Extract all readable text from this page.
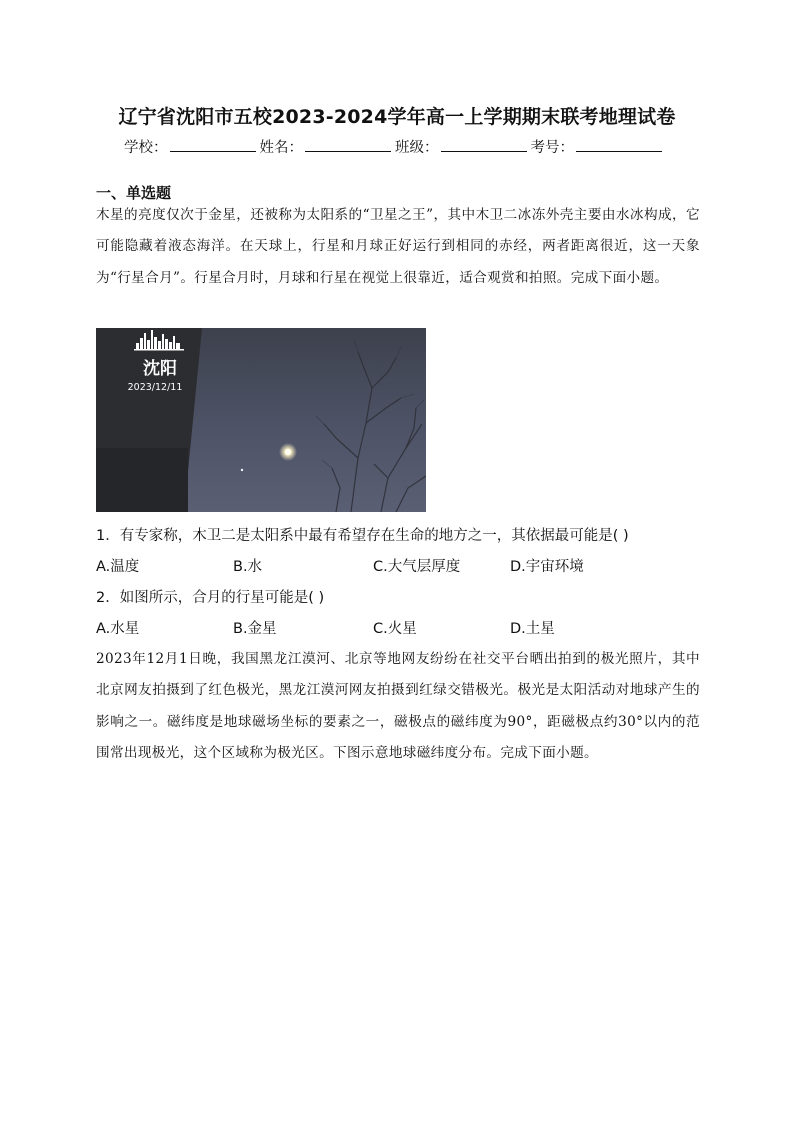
辽宁省沈阳市五校2023-2024学年高一上学期期末联考地理试卷
学校：	姓名：	班级：	考号：
一、单选题
木星的亮度仅次于金星，还被称为太阳系的“卫星之王”，其中木卫二冰冻外壳主要由水冰构成，它可能隐藏着液态海洋。在天球上，行星和月球正好运行到相同的赤经，两者距离很近，这一天象为“行星合月”。行星合月时，月球和行星在视觉上很靠近，适合观赏和拍照。完成下面小题。
沈阳
2023/12/11
1．有专家称，木卫二是太阳系中最有希望存在生命的地方之一，其依据最可能是( )
A.温度	B.水	C.大气层厚度	D.宇宙环境
2．如图所示，合月的行星可能是( )
A.水星	B.金星	C.火星	D.土星
2023年12月1日晚，我国黑龙江漠河、北京等地网友纷纷在社交平台晒出拍到的极光照片，其中北京网友拍摄到了红色极光，黑龙江漠河网友拍摄到红绿交错极光。极光是太阳活动对地球产生的影响之一。磁纬度是地球磁场坐标的要素之一，磁极点的磁纬度为90°，距磁极点约30°以内的范围常出现极光，这个区域称为极光区。下图示意地球磁纬度分布。完成下面小题。
